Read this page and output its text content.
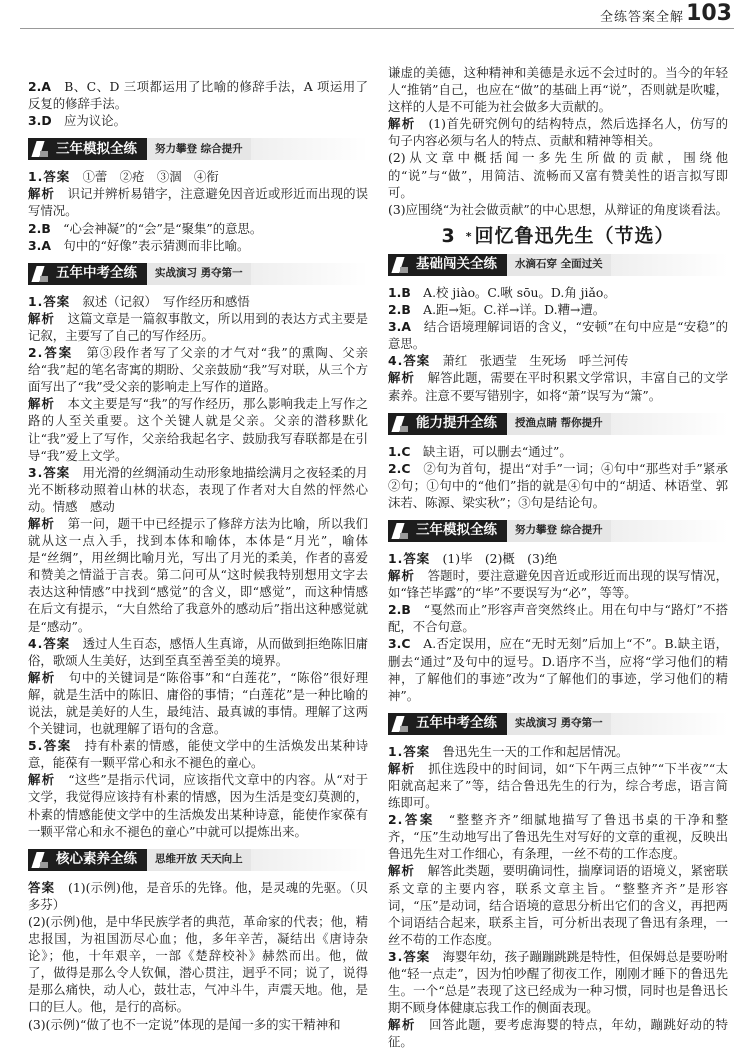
全练答案全解 103
2.A　 B、C、D 三项都运用了比喻的修辞手法，A 项运用了反复的修辞手法。
3.D　 应为议论。
三年模拟全练	努力攀登 综合提升
1.答案　 ①蕾　②疮　③涸　④衔
解析　 识记并辨析易错字，注意避免因音近或形近而出现的误写情况。
2.B　 “心会神凝”的“会”是“聚集”的意思。
3.A　 句中的“好像”表示猜测而非比喻。
五年中考全练	实战演习 勇夺第一
1.答案　 叙述（记叙）　写作经历和感悟
解析　 这篇文章是一篇叙事散文，所以用到的表达方式主要是记叙，主要写了自己的写作经历。
2.答案　 第③段作者写了父亲的才气对“我”的熏陶、父亲给“我”起的笔名寄寓的期盼、父亲鼓励“我”写对联，从三个方面写出了“我”受父亲的影响走上写作的道路。
解析　 本文主要是写“我”的写作经历，那么影响我走上写作之路的人至关重要。这个关键人就是父亲。父亲的潜移默化让“我”爱上了写作，父亲给我起名字、鼓励我写春联都是在引导“我”爱上文学。
3.答案　 用光滑的丝绸涌动生动形象地描绘满月之夜轻柔的月光不断移动照着山林的状态，表现了作者对大自然的怦然心动。情感　感动
解析　 第一问，题干中已经提示了修辞方法为比喻，所以我们就从这一点入手，找到本体和喻体，本体是“月光”，喻体是“丝绸”，用丝绸比喻月光，写出了月光的柔美，作者的喜爱和赞美之情溢于言表。第二问可从“这时候我特别想用文字去表达这种情感”中找到“感觉”的含义，即“感觉”，而这种情感在后文有提示，“大自然给了我意外的感动后”指出这种感觉就是“感动”。
4.答案　 透过人生百态，感悟人生真谛，从而做到拒绝陈旧庸俗，歌颂人生美好，达到至真至善至美的境界。
解析　 句中的关键词是“陈俗事”和“白莲花”，“陈俗”很好理解，就是生活中的陈旧、庸俗的事情；“白莲花”是一种比喻的说法，就是美好的人生，最纯洁、最真诚的事情。理解了这两个关键词，也就理解了语句的含意。
5.答案　 持有朴素的情感，能使文学中的生活焕发出某种诗意，能葆有一颗平常心和永不褪色的童心。
解析　 “这些”是指示代词，应该指代文章中的内容。从“对于文学，我觉得应该持有朴素的情感，因为生活是变幻莫测的，朴素的情感能使文学中的生活焕发出某种诗意，能使作家葆有一颗平常心和永不褪色的童心”中就可以提炼出来。
核心素养全练	思维开放 天天向上
答案　 (1)(示例)他，是音乐的先锋。他，是灵魂的先驱。（贝多芬）
(2)(示例)他，是中华民族学者的典范，革命家的代表；他，精忠报国，为祖国沥尽心血；他，多年辛苦，凝结出《唐诗杂论》；他，十年艰辛，一部《楚辞校补》赫然而出。他，做了，做得是那么令人钦佩，潜心贯注，迥乎不同；说了，说得是那么痛快，动人心，鼓壮志，气冲斗牛，声震天地。他，是口的巨人。他，是行的高标。
(3)(示例)“做了也不一定说”体现的是闻一多的实干精神和
谦虚的美德，这种精神和美德是永远不会过时的。当今的年轻人“推销”自己，也应在“做”的基础上再“说”，否则就是吹嘘，这样的人是不可能为社会做多大贡献的。
解析　 (1)首先研究例句的结构特点，然后选择名人，仿写的句子内容必须与名人的特点、贡献和精神等相关。
(2)从文章中概括闻一多先生所做的贡献，围绕他的“说”与“做”，用简洁、流畅而又富有赞美性的语言拟写即可。
(3)应围绕“为社会做贡献”的中心思想，从辩证的角度谈看法。
3 * 回忆鲁迅先生（节选）
基础闯关全练	水滴石穿 全面过关
1.B　 A.校 jiào。C.啾 sōu。D.角 jiǎo。
2.B　 A.距→矩。C.祥→详。D.糟→遭。
3.A　 结合语境理解词语的含义，“安顿”在句中应是“安稳”的意思。
4.答案　 萧红　张迺莹　生死场　呼兰河传
解析　 解答此题，需要在平时积累文学常识，丰富自己的文学素养。注意不要写错别字，如将“萧”误写为“箫”。
能力提升全练	授渔点睛 帮你提升
1.C　 缺主语，可以删去“通过”。
2.C　 ②句为首句，提出“对手”一词；④句中“那些对手”紧承②句；①句中的“他们”指的就是④句中的“胡适、林语堂、郭沫若、陈源、梁实秋”；③句是结论句。
三年模拟全练	努力攀登 综合提升
1.答案　 (1)毕　(2)概　(3)绝
解析　 答题时，要注意避免因音近或形近而出现的误写情况，如“锋芒毕露”的“毕”不要误写为“必”，等等。
2.B　 “戛然而止”形容声音突然终止。用在句中与“路灯”不搭配，不合句意。
3.C　 A.否定误用，应在“无时无刻”后加上“不”。B.缺主语，删去“通过”及句中的逗号。D.语序不当，应将“学习他们的精神，了解他们的事迹”改为“了解他们的事迹，学习他们的精神”。
五年中考全练	实战演习 勇夺第一
1.答案　 鲁迅先生一天的工作和起居情况。
解析　 抓住选段中的时间词，如“下午两三点钟”“下半夜”“太阳就高起来了”等，结合鲁迅先生的行为，综合考虑，语言简练即可。
2.答案　 “整整齐齐”细腻地描写了鲁迅书桌的干净和整齐，“压”生动地写出了鲁迅先生对写好的文章的重视，反映出鲁迅先生对工作细心，有条理，一丝不苟的工作态度。
解析　 解答此类题，要明确词性，揣摩词语的语境义，紧密联系文章的主要内容，联系文章主旨。“整整齐齐”是形容词，“压”是动词，结合语境的意思分析出它们的含义，再把两个词语结合起来，联系主旨，可分析出表现了鲁迅有条理，一丝不苟的工作态度。
3.答案　 海婴年幼，孩子蹦蹦跳跳是特性，但保姆总是要吩咐他“轻一点走”，因为怕吵醒了彻夜工作，刚刚才睡下的鲁迅先生。一个“总是”表现了这已经成为一种习惯，同时也是鲁迅长期不顾身体健康忘我工作的侧面表现。
解析　 回答此题，要考虑海婴的特点，年幼，蹦跳好动的特征。
